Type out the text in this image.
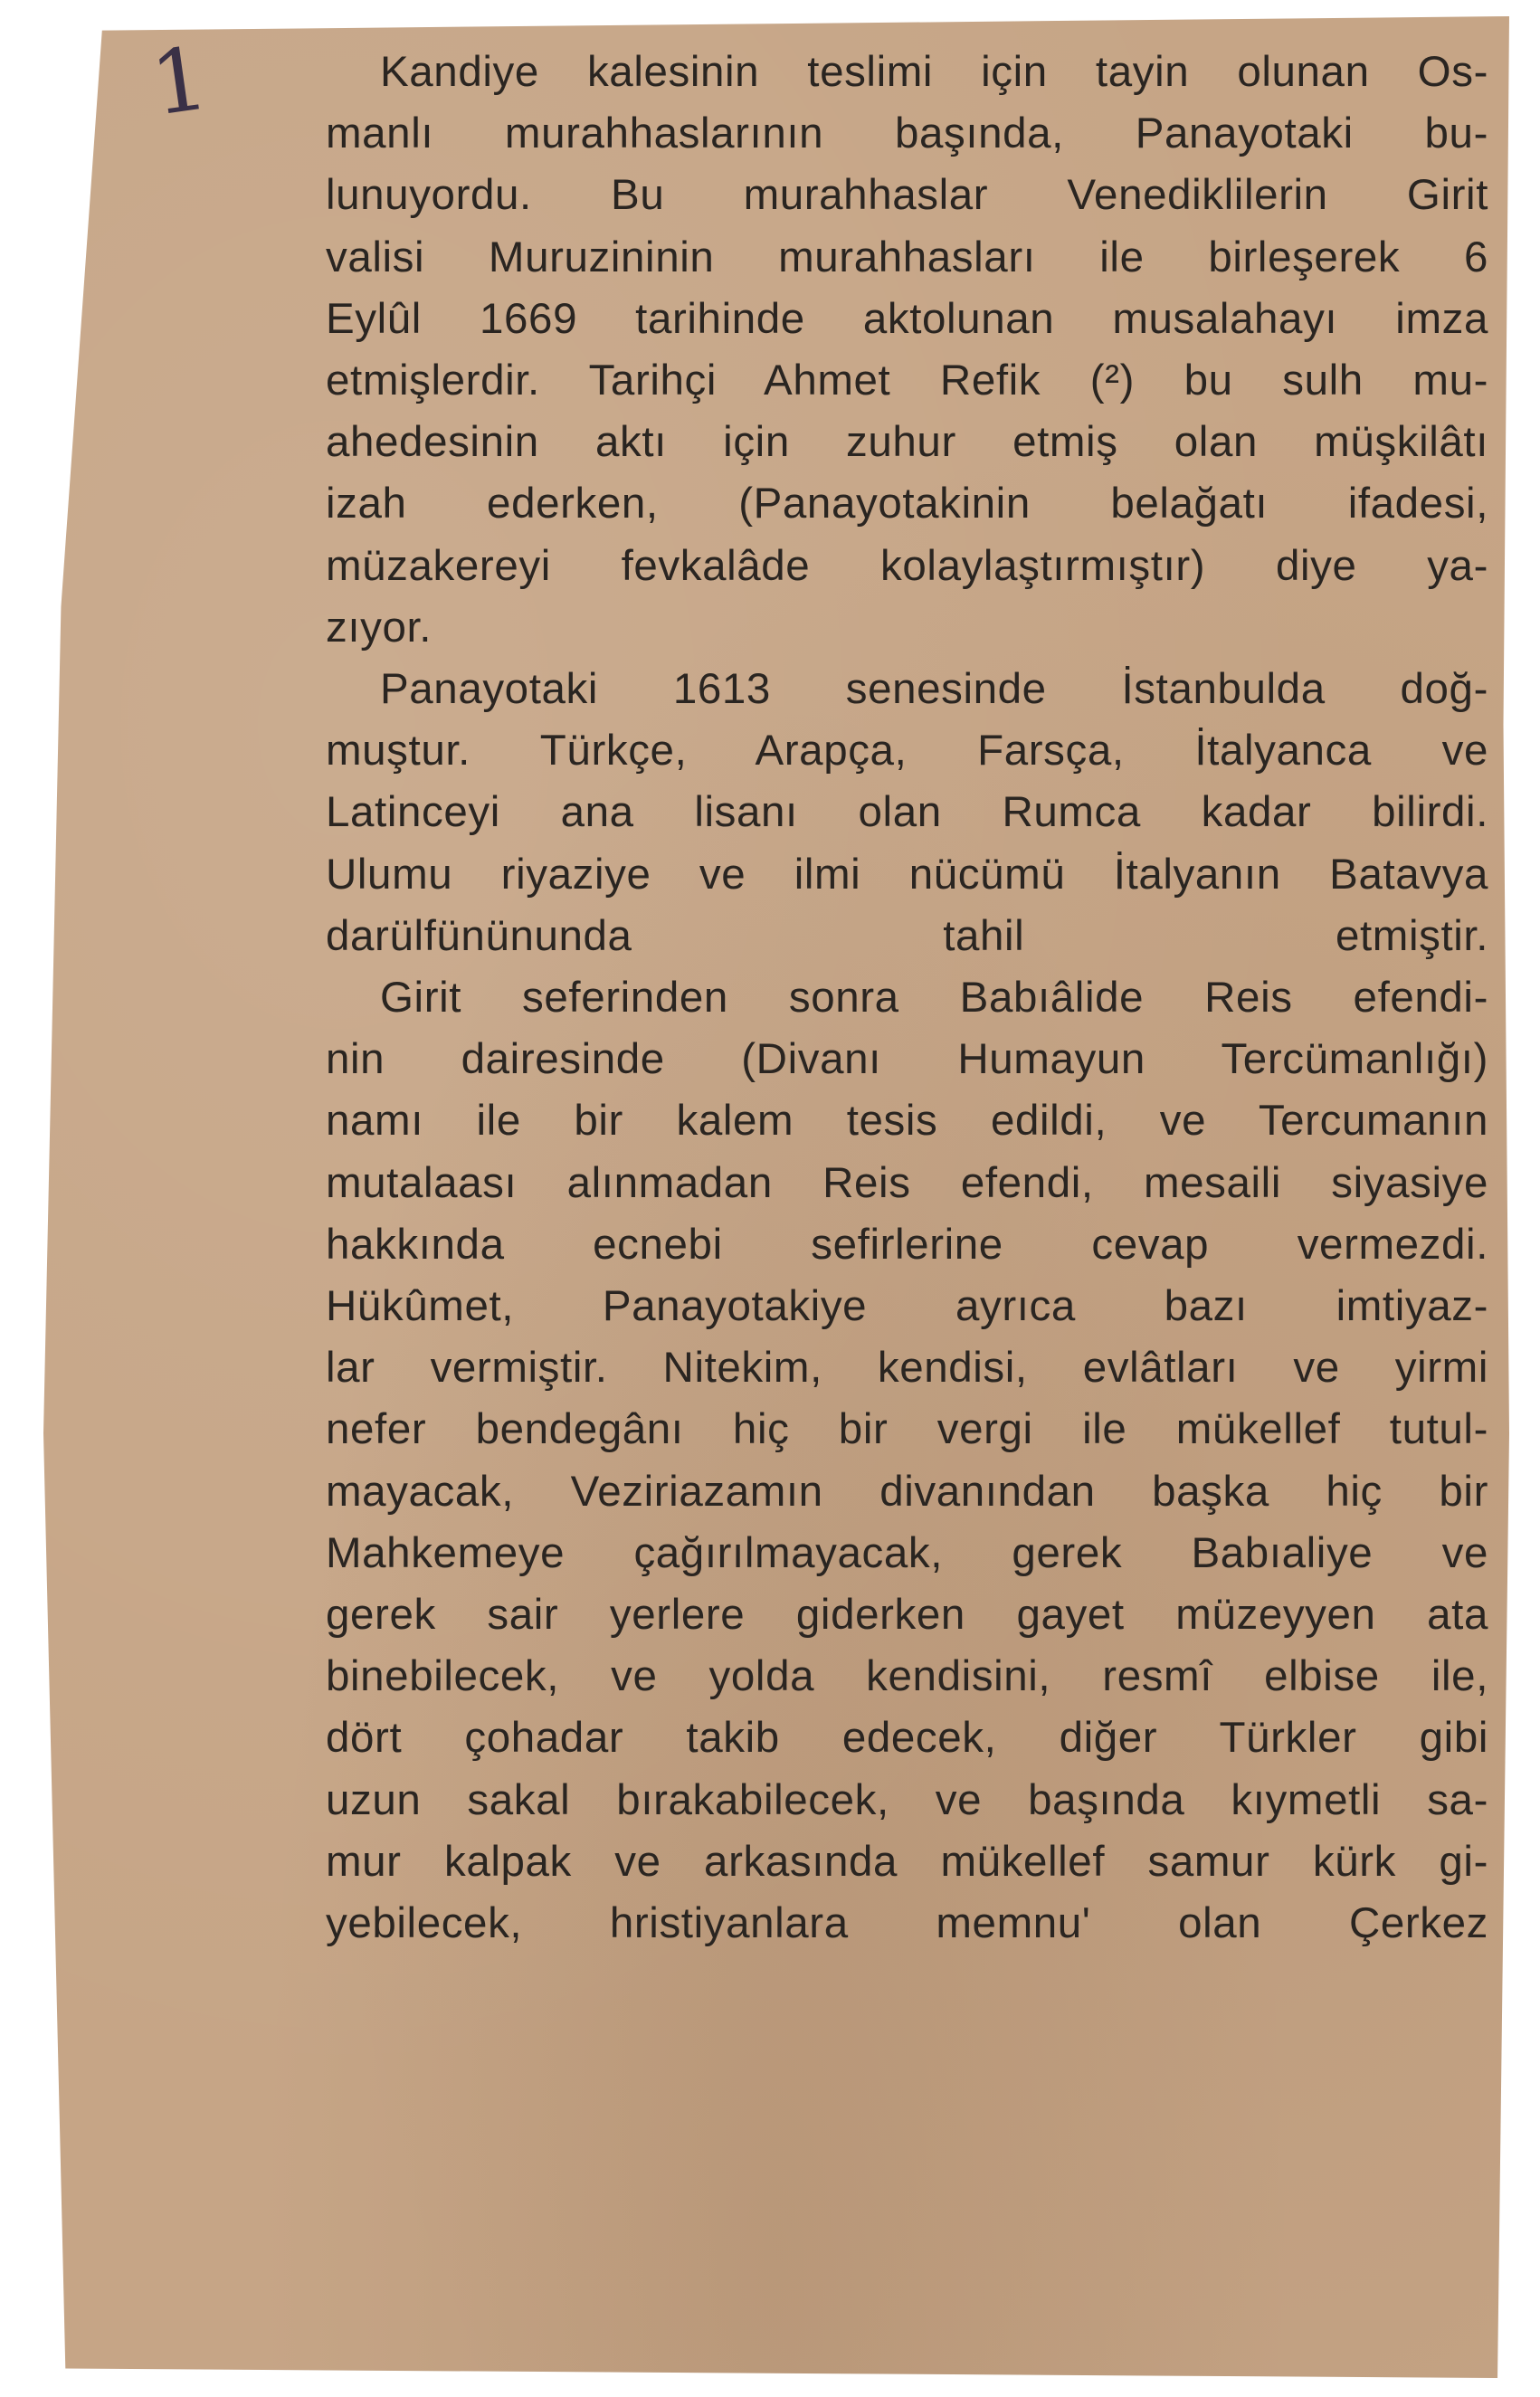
1	Kandiye kalesinin teslimi için tayin olunan Os-
manlı murahhaslarının başında, Panayotaki bu-
lunuyordu. Bu murahhaslar Venediklilerin Girit
valisi Muruzininin murahhasları ile birleşerek 6
Eylûl 1669 tarihinde aktolunan musalahayı imza
etmişlerdir. Tarihçi Ahmet Refik (²) bu sulh mu-
ahedesinin aktı için zuhur etmiş olan müşkilâtı
izah ederken, (Panayotakinin belağatı ifadesi,
müzakereyi fevkalâde kolaylaştırmıştır) diye ya-
zıyor.

Panayotaki 1613 senesinde İstanbulda doğ-
muştur. Türkçe, Arapça, Farsça, İtalyanca ve
Latinceyi ana lisanı olan Rumca kadar bilirdi.
Ulumu riyaziye ve ilmi nücümü İtalyanın Batavya
darülfününunda tahil etmiştir.

Girit seferinden sonra Babıâlide Reis efendi-
nin dairesinde (Divanı Humayun Tercümanlığı)
namı ile bir kalem tesis edildi, ve Tercumanın
mutalaası alınmadan Reis efendi, mesaili siyasiye
hakkında ecnebi sefirlerine cevap vermezdi.
Hükûmet, Panayotakiye ayrıca bazı imtiyaz-
lar vermiştir. Nitekim, kendisi, evlâtları ve yirmi
nefer bendegânı hiç bir vergi ile mükellef tutul-
mayacak, Veziriazamın divanından başka hiç bir
Mahkemeye çağırılmayacak, gerek Babıaliye ve
gerek sair yerlere giderken gayet müzeyyen ata
binebilecek, ve yolda kendisini, resmî elbise ile,
dört çohadar takib edecek, diğer Türkler gibi
uzun sakal bırakabilecek, ve başında kıymetli sa-
mur kalpak ve arkasında mükellef samur kürk gi-
yebilecek, hristiyanlara memnu' olan Çerkez
